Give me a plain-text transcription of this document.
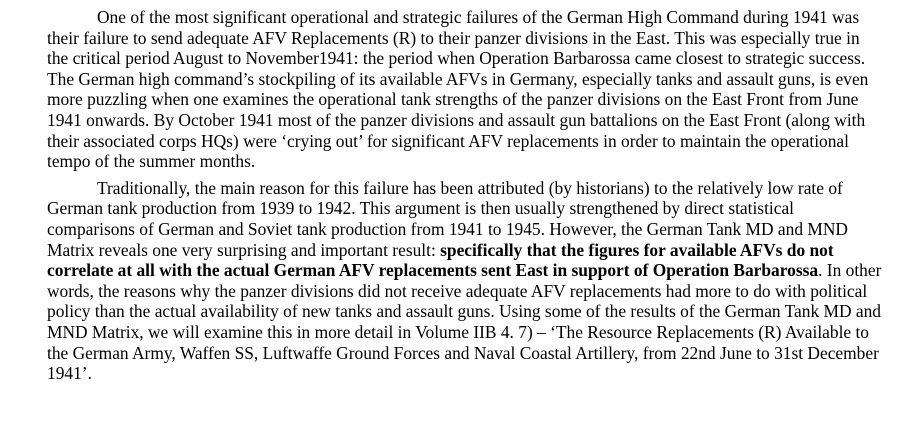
One of the most significant operational and strategic failures of the German High Command during 1941 was their failure to send adequate AFV Replacements (R) to their panzer divisions in the East. This was especially true in the critical period August to November1941: the period when Operation Barbarossa came closest to strategic success. The German high command’s stockpiling of its available AFVs in Germany, especially tanks and assault guns, is even more puzzling when one examines the operational tank strengths of the panzer divisions on the East Front from June 1941 onwards. By October 1941 most of the panzer divisions and assault gun battalions on the East Front (along with their associated corps HQs) were ‘crying out’ for significant AFV replacements in order to maintain the operational tempo of the summer months.

Traditionally, the main reason for this failure has been attributed (by historians) to the relatively low rate of German tank production from 1939 to 1942. This argument is then usually strengthened by direct statistical comparisons of German and Soviet tank production from 1941 to 1945. However, the German Tank MD and MND Matrix reveals one very surprising and important result: specifically that the figures for available AFVs do not correlate at all with the actual German AFV replacements sent East in support of Operation Barbarossa. In other words, the reasons why the panzer divisions did not receive adequate AFV replacements had more to do with political policy than the actual availability of new tanks and assault guns. Using some of the results of the German Tank MD and MND Matrix, we will examine this in more detail in Volume IIB 4. 7) – ‘The Resource Replacements (R) Available to the German Army, Waffen SS, Luftwaffe Ground Forces and Naval Coastal Artillery, from 22nd June to 31st December 1941’.
